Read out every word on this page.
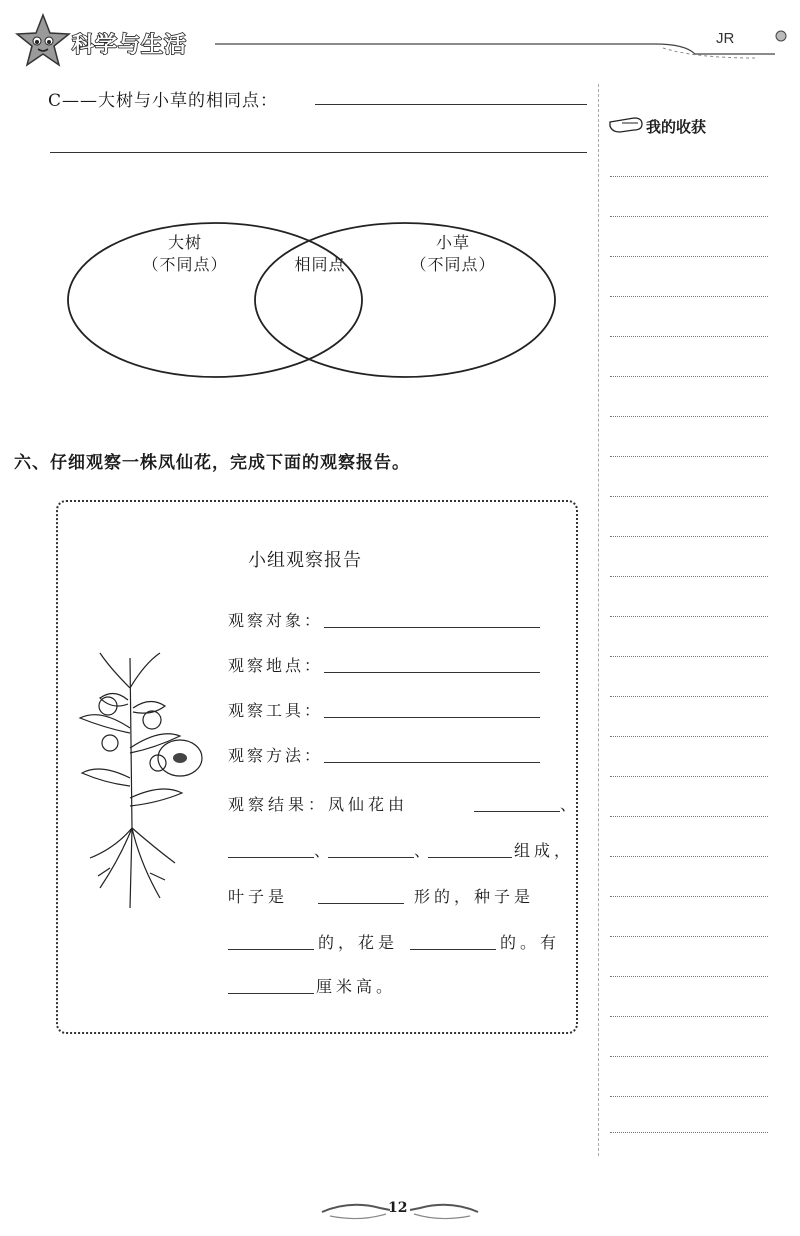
科学与生活	JR
C——大树与小草的相同点：
大树
（不同点）	相同点
小草
（不同点）
六、仔细观察一株凤仙花，完成下面的观察报告。
小组观察报告
观察对象：
观察地点：
观察工具：
观察方法：
观察结果：凤仙花由	、
、	、	组成，
叶子是	形的，种子是
的，花是	的。有
厘米高。
我的收获
12
